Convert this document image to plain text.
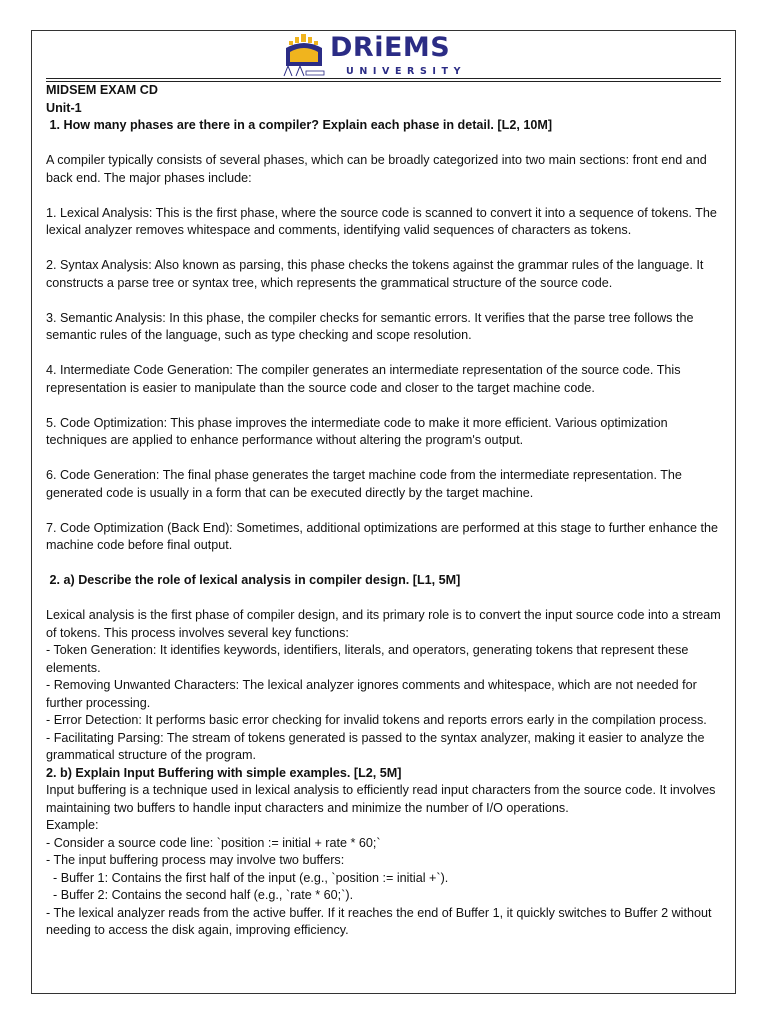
DRiEMS
UNIVERSITY

MIDSEM EXAM CD

Unit-1

1. How many phases are there in a compiler? Explain each phase in detail. [L2, 10M]

A compiler typically consists of several phases, which can be broadly categorized into two main sections: front end and back end. The major phases include:

1. Lexical Analysis: This is the first phase, where the source code is scanned to convert it into a sequence of tokens. The lexical analyzer removes whitespace and comments, identifying valid sequences of characters as tokens.

2. Syntax Analysis: Also known as parsing, this phase checks the tokens against the grammar rules of the language. It constructs a parse tree or syntax tree, which represents the grammatical structure of the source code.

3. Semantic Analysis: In this phase, the compiler checks for semantic errors. It verifies that the parse tree follows the semantic rules of the language, such as type checking and scope resolution.

4. Intermediate Code Generation: The compiler generates an intermediate representation of the source code. This representation is easier to manipulate than the source code and closer to the target machine code.

5. Code Optimization: This phase improves the intermediate code to make it more efficient. Various optimization techniques are applied to enhance performance without altering the program's output.

6. Code Generation: The final phase generates the target machine code from the intermediate representation. The generated code is usually in a form that can be executed directly by the target machine.

7. Code Optimization (Back End): Sometimes, additional optimizations are performed at this stage to further enhance the machine code before final output.

2. a) Describe the role of lexical analysis in compiler design. [L1, 5M]

Lexical analysis is the first phase of compiler design, and its primary role is to convert the input source code into a stream of tokens. This process involves several key functions:

- Token Generation: It identifies keywords, identifiers, literals, and operators, generating tokens that represent these elements.

- Removing Unwanted Characters: The lexical analyzer ignores comments and whitespace, which are not needed for further processing.

- Error Detection: It performs basic error checking for invalid tokens and reports errors early in the compilation process.

- Facilitating Parsing: The stream of tokens generated is passed to the syntax analyzer, making it easier to analyze the grammatical structure of the program.

2. b) Explain Input Buffering with simple examples. [L2, 5M]

Input buffering is a technique used in lexical analysis to efficiently read input characters from the source code. It involves maintaining two buffers to handle input characters and minimize the number of I/O operations.

Example:

- Consider a source code line: `position := initial + rate * 60;`

- The input buffering process may involve two buffers:

- Buffer 1: Contains the first half of the input (e.g., `position := initial +`).

- Buffer 2: Contains the second half (e.g., `rate * 60;`).

- The lexical analyzer reads from the active buffer. If it reaches the end of Buffer 1, it quickly switches to Buffer 2 without needing to access the disk again, improving efficiency.
